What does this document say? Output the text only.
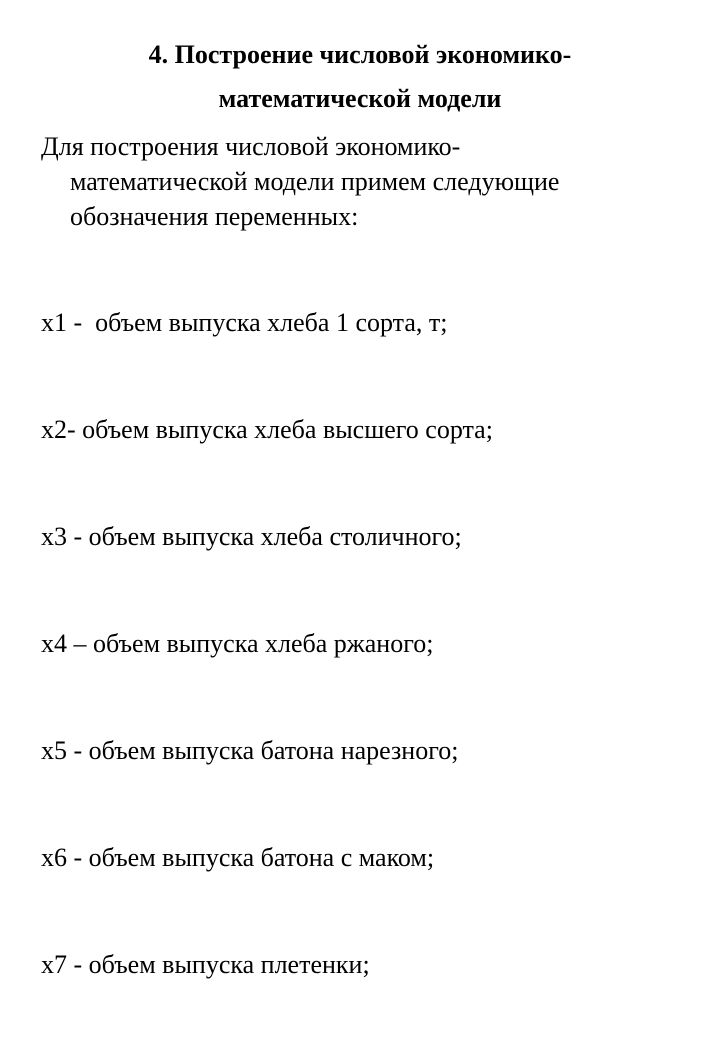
4. Построение числовой экономико-
математической модели
Для построения числовой экономико-
математической модели примем следующие
обозначения переменных:

x1 -  объем выпуска хлеба 1 сорта, т;

x2- объем выпуска хлеба высшего сорта;

x3 - объем выпуска хлеба столичного;

x4 – объем выпуска хлеба ржаного;

x5 - объем выпуска батона нарезного;

x6 - объем выпуска батона с маком;

x7 - объем выпуска плетенки;
